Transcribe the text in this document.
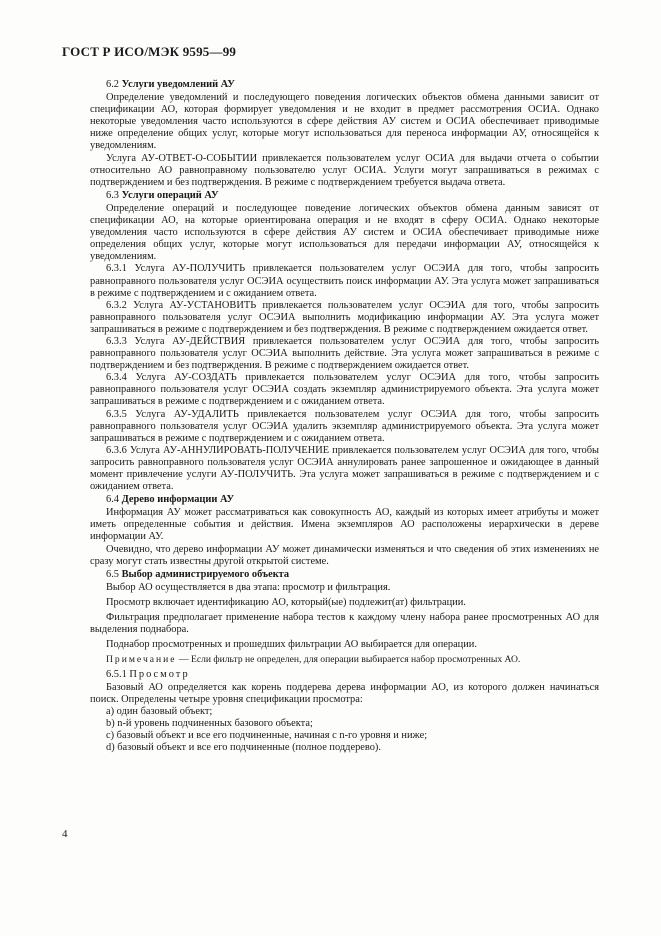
ГОСТ Р ИСО/МЭК 9595—99

6.2 Услуги уведомлений АУ

Определение уведомлений и последующего поведения логических объектов обмена данными зависит от спецификации АО, которая формирует уведомления и не входит в предмет рассмотрения ОСИА. Однако некоторые уведомления часто используются в сфере действия АУ систем и ОСИА обеспечивает приводимые ниже определение общих услуг, которые могут использоваться для переноса информации АУ, относящейся к уведомлениям.

Услуга АУ-ОТВЕТ-О-СОБЫТИИ привлекается пользователем услуг ОСИА для выдачи отчета о событии относительно АО равноправному пользователю услуг ОСИА. Услуги могут запрашиваться в режимах с подтверждением и без подтверждения. В режиме с подтверждением требуется выдача ответа.

6.3 Услуги операций АУ

Определение операций и последующее поведение логических объектов обмена данным зависят от спецификации АО, на которые ориентирована операция и не входят в сферу ОСИА. Однако некоторые уведомления часто используются в сфере действия АУ систем и ОСИА обеспечивает приводимые ниже определения общих услуг, которые могут использоваться для передачи информации АУ, относящейся к уведомлениям.

6.3.1 Услуга АУ-ПОЛУЧИТЬ привлекается пользователем услуг ОСЭИА для того, чтобы запросить равноправного пользователя услуг ОСЭИА осуществить поиск информации АУ. Эта услуга может запрашиваться в режиме с подтверждением и с ожиданием ответа.

6.3.2 Услуга АУ-УСТАНОВИТЬ привлекается пользователем услуг ОСЭИА для того, чтобы запросить равноправного пользователя услуг ОСЭИА выполнить модификацию информации АУ. Эта услуга может запрашиваться в режиме с подтверждением и без подтверждения. В режиме с подтверждением ожидается ответ.

6.3.3 Услуга АУ-ДЕЙСТВИЯ привлекается пользователем услуг ОСЭИА для того, чтобы запросить равноправного пользователя услуг ОСЭИА выполнить действие. Эта услуга может запрашиваться в режиме с подтверждением и без подтверждения. В режиме с подтверждением ожидается ответ.

6.3.4 Услуга АУ-СОЗДАТЬ привлекается пользователем услуг ОСЭИА для того, чтобы запросить равноправного пользователя услуг ОСЭИА создать экземпляр администрируемого объекта. Эта услуга может запрашиваться в режиме с подтверждением и с ожиданием ответа.

6.3.5 Услуга АУ-УДАЛИТЬ привлекается пользователем услуг ОСЭИА для того, чтобы запросить равноправного пользователя услуг ОСЭИА удалить экземпляр администрируемого объекта. Эта услуга может запрашиваться в режиме с подтверждением и с ожиданием ответа.

6.3.6 Услуга АУ-АННУЛИРОВАТЬ-ПОЛУЧЕНИЕ привлекается пользователем услуг ОСЭИА для того, чтобы запросить равноправного пользователя услуг ОСЭИА аннулировать ранее запрошенное и ожидающее в данный момент привлечение услуги АУ-ПОЛУЧИТЬ. Эта услуга может запрашиваться в режиме с подтверждением и с ожиданием ответа.

6.4 Дерево информации АУ

Информация АУ может рассматриваться как совокупность АО, каждый из которых имеет атрибуты и может иметь определенные события и действия. Имена экземпляров АО расположены иерархически в дереве информации АУ.

Очевидно, что дерево информации АУ может динамически изменяться и что сведения об этих изменениях не сразу могут стать известны другой открытой системе.

6.5 Выбор администрируемого объекта

Выбор АО осуществляется в два этапа: просмотр и фильтрация.

Просмотр включает идентификацию АО, который(ые) подлежит(ат) фильтрации.

Фильтрация предполагает применение набора тестов к каждому члену набора ранее просмотренных АО для выделения поднабора.

Поднабор просмотренных и прошедших фильтрации АО выбирается для операции.

Примечание — Если фильтр не определен, для операции выбирается набор просмотренных АО.

6.5.1 Просмотр

Базовый АО определяется как корень поддерева дерева информации АО, из которого должен начинаться поиск. Определены четыре уровня спецификации просмотра:

a) один базовый объект;
b) n-й уровень подчиненных базового объекта;
c) базовый объект и все его подчиненные, начиная с n-го уровня и ниже;
d) базовый объект и все его подчиненные (полное поддерево).
4
